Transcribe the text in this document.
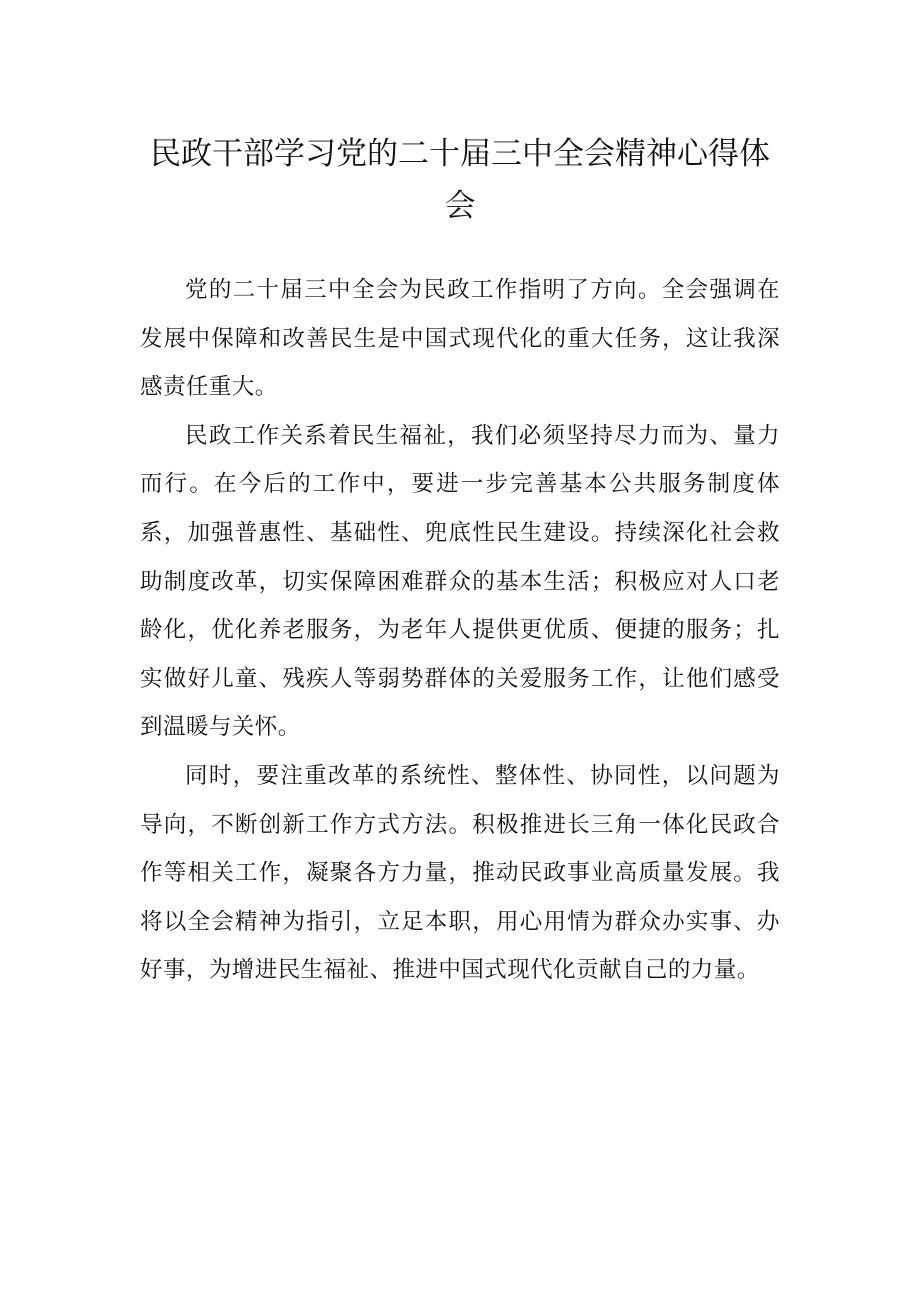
民政干部学习党的二十届三中全会精神心得体会

党的二十届三中全会为民政工作指明了方向。全会强调在发展中保障和改善民生是中国式现代化的重大任务，这让我深感责任重大。

民政工作关系着民生福祉，我们必须坚持尽力而为、量力而行。在今后的工作中，要进一步完善基本公共服务制度体系，加强普惠性、基础性、兜底性民生建设。持续深化社会救助制度改革，切实保障困难群众的基本生活；积极应对人口老龄化，优化养老服务，为老年人提供更优质、便捷的服务；扎实做好儿童、残疾人等弱势群体的关爱服务工作，让他们感受到温暖与关怀。

同时，要注重改革的系统性、整体性、协同性，以问题为导向，不断创新工作方式方法。积极推进长三角一体化民政合作等相关工作，凝聚各方力量，推动民政事业高质量发展。我将以全会精神为指引，立足本职，用心用情为群众办实事、办好事，为增进民生福祉、推进中国式现代化贡献自己的力量。
